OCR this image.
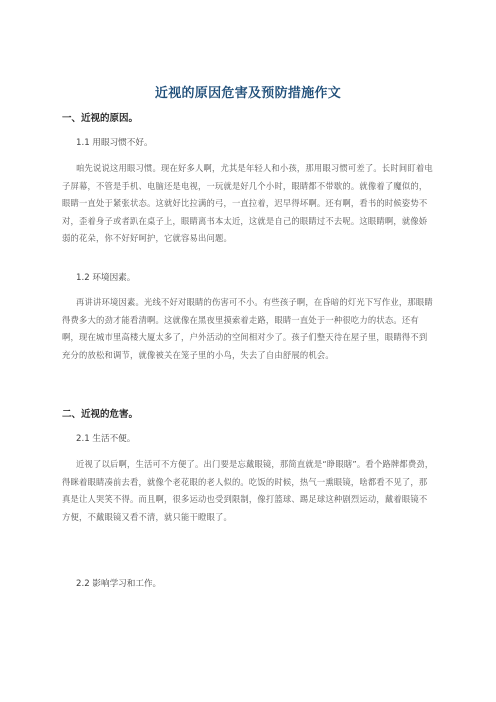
近视的原因危害及预防措施作文
一、近视的原因。
1.1 用眼习惯不好。
咱先说说这用眼习惯。现在好多人啊，尤其是年轻人和小孩，那用眼习惯可差了。长时间盯着电子屏幕，不管是手机、电脑还是电视，一玩就是好几个小时，眼睛都不带歇的。就像着了魔似的，眼睛一直处于紧张状态。这就好比拉满的弓，一直拉着，迟早得坏啊。还有啊，看书的时候姿势不对，歪着身子或者趴在桌子上，眼睛离书本太近，这就是自己的眼睛过不去呢。这眼睛啊，就像娇弱的花朵，你不好好呵护，它就容易出问题。
1.2 环境因素。
再讲讲环境因素。光线不好对眼睛的伤害可不小。有些孩子啊，在昏暗的灯光下写作业，那眼睛得费多大的劲才能看清啊。这就像在黑夜里摸索着走路，眼睛一直处于一种很吃力的状态。还有啊，现在城市里高楼大厦太多了，户外活动的空间相对少了。孩子们整天待在屋子里，眼睛得不到充分的放松和调节，就像被关在笼子里的小鸟，失去了自由舒展的机会。
二、近视的危害。
2.1 生活不便。
近视了以后啊，生活可不方便了。出门要是忘戴眼镜，那简直就是“睁眼瞎”。看个路牌都费劲，得眯着眼睛凑前去看，就像个老花眼的老人似的。吃饭的时候，热气一熏眼镜，啥都看不见了，那真是让人哭笑不得。而且啊，很多运动也受到限制，像打篮球、踢足球这种剧烈运动，戴着眼镜不方便，不戴眼镜又看不清，就只能干瞪眼了。
2.2 影响学习和工作。
